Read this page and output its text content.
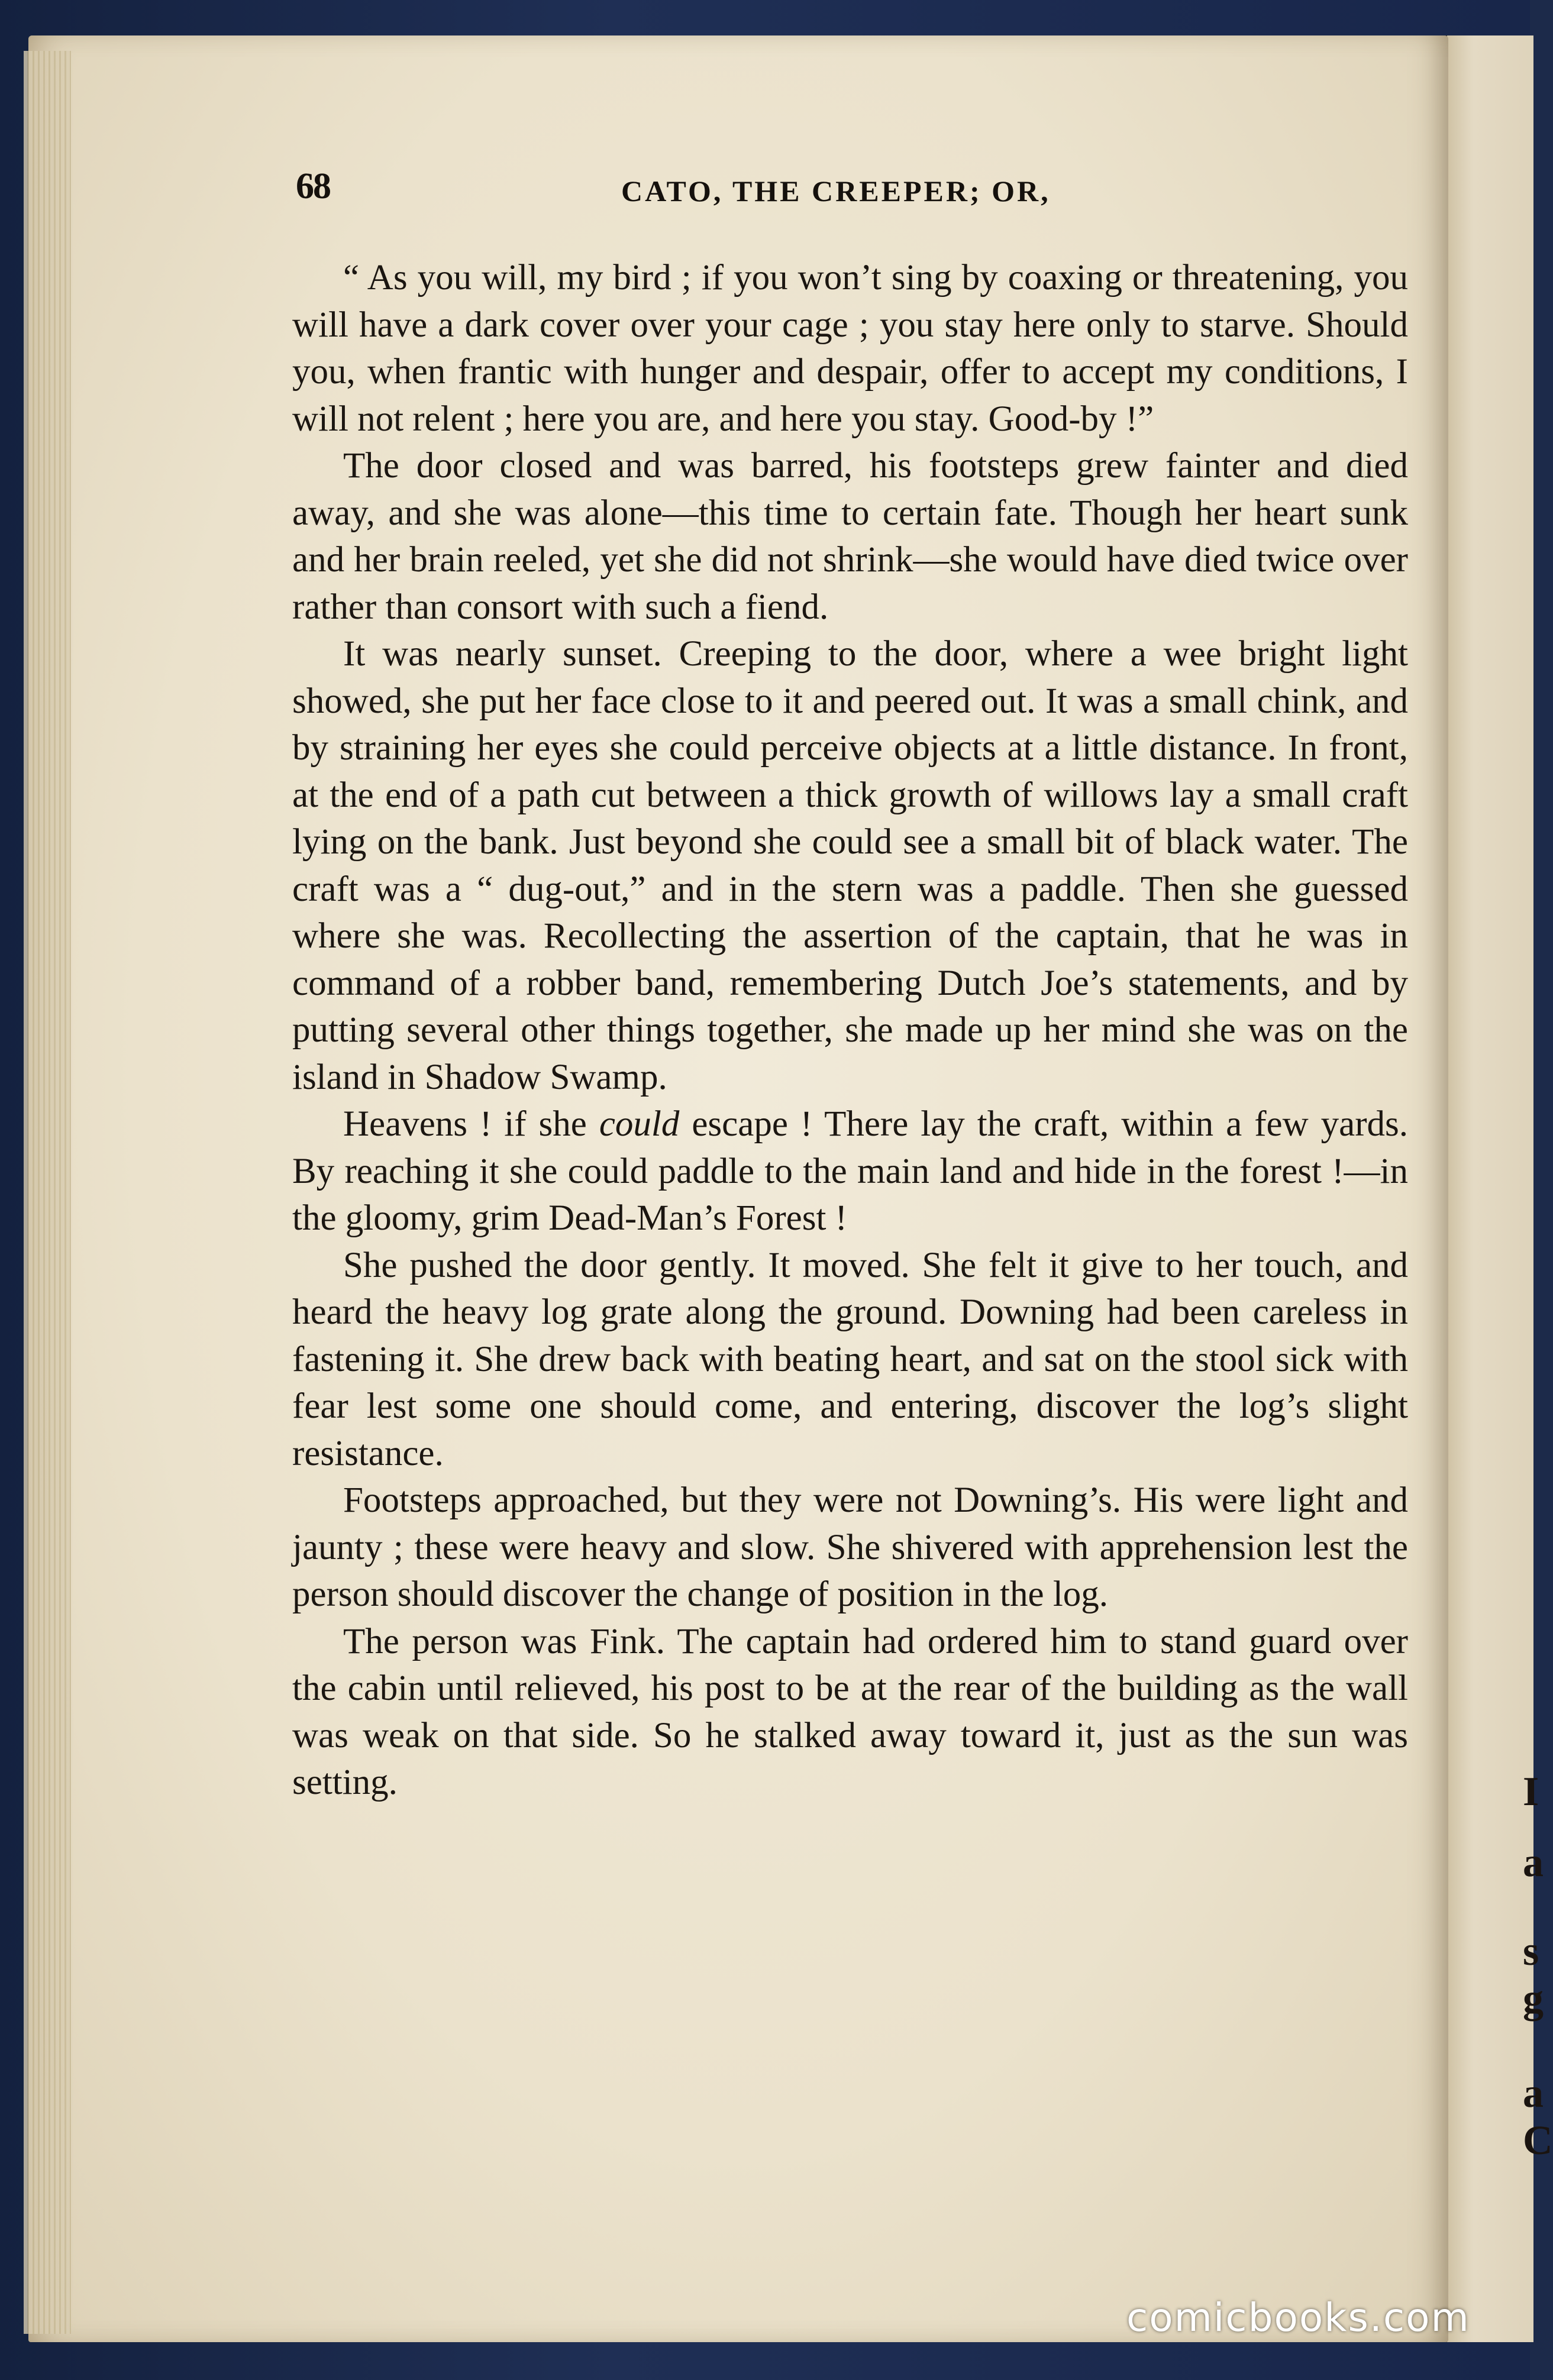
I
a
s
g
a
C
68	CATO, THE CREEPER; OR,

“ As you will, my bird ; if you won’t sing by coaxing or threatening, you will have a dark cover over your cage ; you stay here only to starve. Should you, when frantic with hunger and despair, offer to accept my conditions, I will not relent ; here you are, and here you stay. Good-by !”

The door closed and was barred, his footsteps grew fainter and died away, and she was alone—this time to certain fate. Though her heart sunk and her brain reeled, yet she did not shrink—she would have died twice over rather than consort with such a fiend.

It was nearly sunset. Creeping to the door, where a wee bright light showed, she put her face close to it and peered out. It was a small chink, and by straining her eyes she could perceive objects at a little distance. In front, at the end of a path cut between a thick growth of willows lay a small craft lying on the bank. Just beyond she could see a small bit of black water. The craft was a “ dug-out,” and in the stern was a paddle. Then she guessed where she was. Recollecting the assertion of the captain, that he was in command of a robber band, remembering Dutch Joe’s statements, and by putting several other things together, she made up her mind she was on the island in Shadow Swamp.

Heavens ! if she could escape ! There lay the craft, within a few yards. By reaching it she could paddle to the main land and hide in the forest !—in the gloomy, grim Dead-Man’s Forest !

She pushed the door gently. It moved. She felt it give to her touch, and heard the heavy log grate along the ground. Downing had been careless in fastening it. She drew back with beating heart, and sat on the stool sick with fear lest some one should come, and entering, discover the log’s slight resistance.

Footsteps approached, but they were not Downing’s. His were light and jaunty ; these were heavy and slow. She shivered with apprehension lest the person should discover the change of position in the log.

The person was Fink. The captain had ordered him to stand guard over the cabin until relieved, his post to be at the rear of the building as the wall was weak on that side. So he stalked away toward it, just as the sun was setting.

comicbooks.com
